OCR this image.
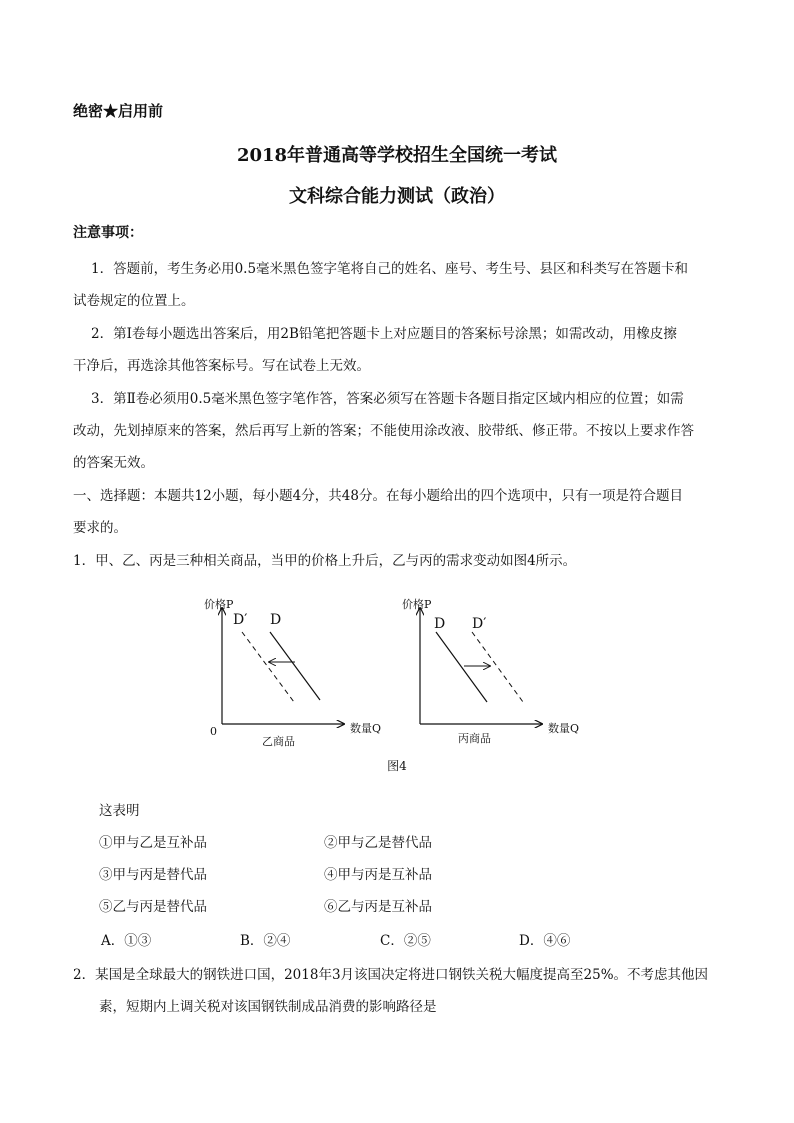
绝密★启用前
2018年普通高等学校招生全国统一考试
文科综合能力测试（政治）
注意事项：
1．答题前，考生务必用0.5毫米黑色签字笔将自己的姓名、座号、考生号、县区和科类写在答题卡和
试卷规定的位置上。
2．第Ⅰ卷每小题选出答案后，用2B铅笔把答题卡上对应题目的答案标号涂黑；如需改动，用橡皮擦
干净后，再选涂其他答案标号。写在试卷上无效。
3．第Ⅱ卷必须用0.5毫米黑色签字笔作答，答案必须写在答题卡各题目指定区域内相应的位置；如需
改动，先划掉原来的答案，然后再写上新的答案；不能使用涂改液、胶带纸、修正带。不按以上要求作答
的答案无效。
一、选择题：本题共12小题，每小题4分，共48分。在每小题给出的四个选项中，只有一项是符合题目
要求的。
1．甲、乙、丙是三种相关商品，当甲的价格上升后，乙与丙的需求变动如图4所示。
价格P
数量Q
0
乙商品
D′ D
价格P
数量Q
丙商品
D D′
图4
这表明
①甲与乙是互补品	②甲与乙是替代品
③甲与丙是替代品	④甲与丙是互补品
⑤乙与丙是替代品	⑥乙与丙是互补品
A．①③	B．②④	C．②⑤	D．④⑥
2．某国是全球最大的钢铁进口国，2018年3月该国决定将进口钢铁关税大幅度提高至25%。不考虑其他因
素，短期内上调关税对该国钢铁制成品消费的影响路径是
